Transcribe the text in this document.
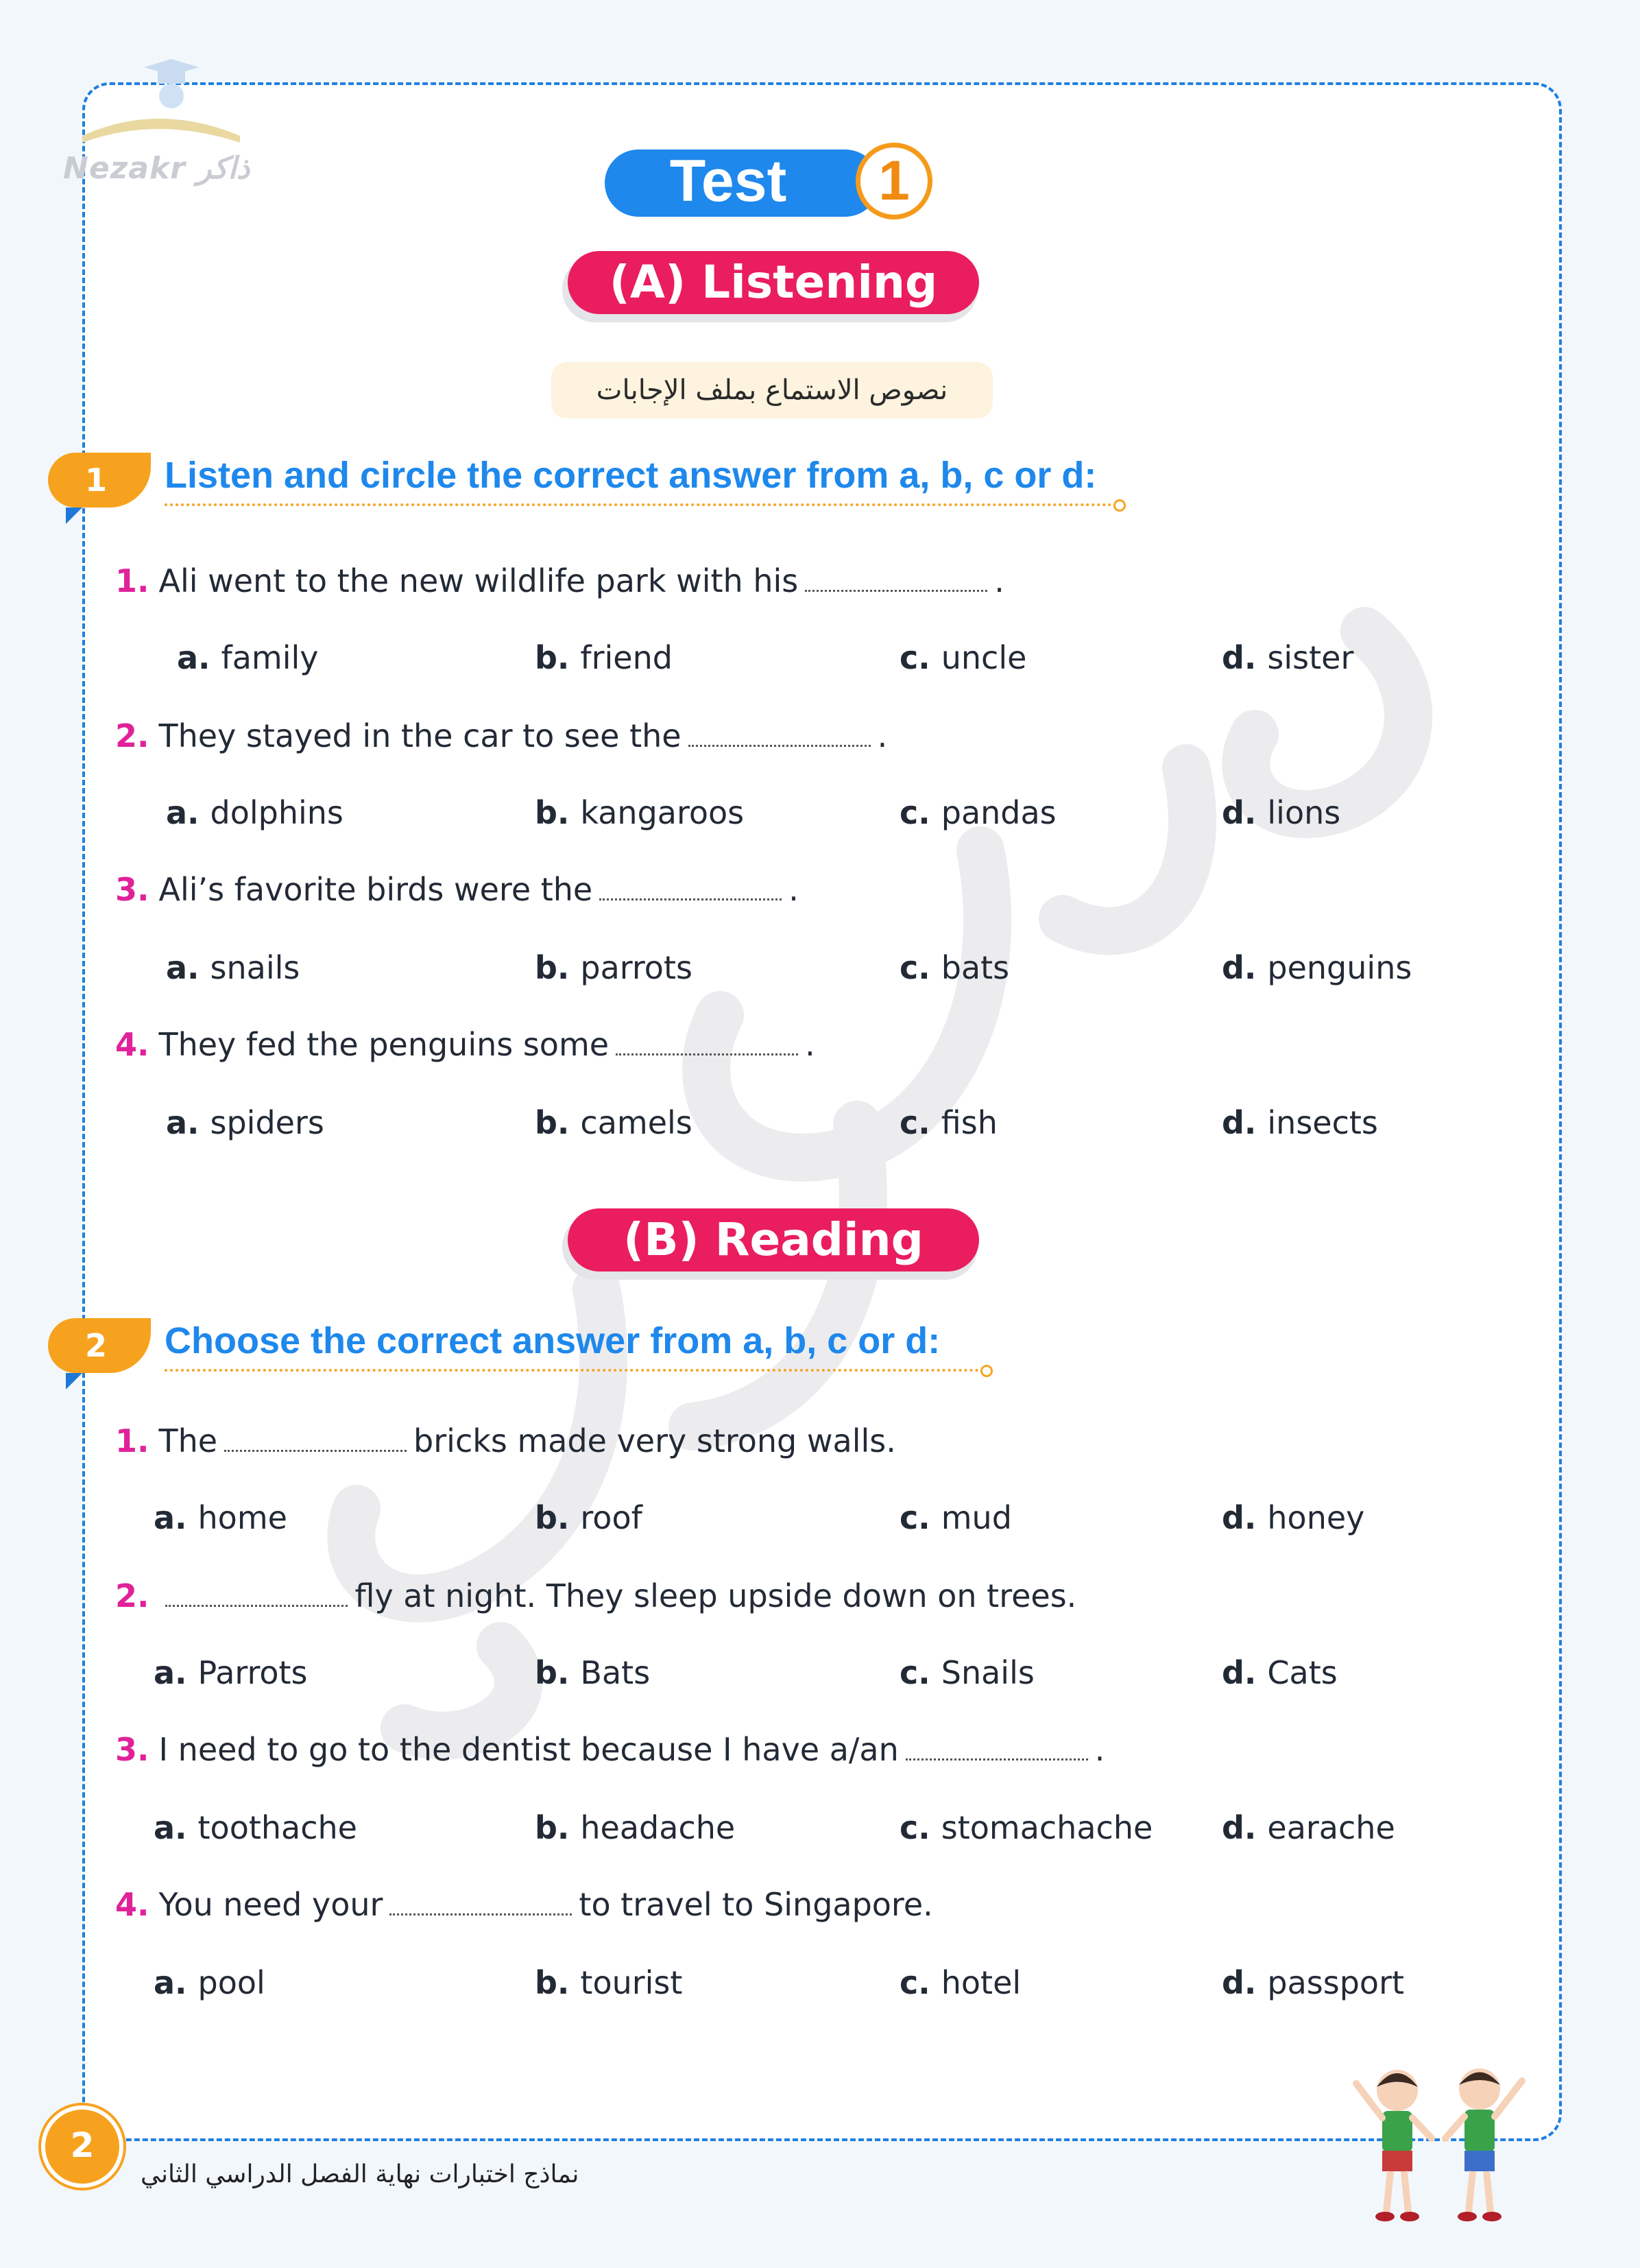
Nezakr ذاكر	Test	1
(A) Listening
نصوص الاستماع بملف الإجابات
1	Listen and circle the correct answer from a, b, c or d:
1. Ali went to the new wildlife park with his	.
a. family	b. friend	c. uncle	d. sister
2. They stayed in the car to see the	.
a. dolphins	b. kangaroos	c. pandas	d. lions
3. Ali’s favorite birds were the	.
a. snails	b. parrots	c. bats	d. penguins
4. They fed the penguins some	.
a. spiders	b. camels	c. fish	d. insects
(B) Reading
2	Choose the correct answer from a, b, c or d:
1. The	bricks made very strong walls.
a. home	b. roof	c. mud	d. honey
2.	fly at night. They sleep upside down on trees.
a. Parrots	b. Bats	c. Snails	d. Cats
3. I need to go to the dentist because I have a/an	.
a. toothache	b. headache	c. stomachache d. earache
4. You need your	to travel to Singapore.
a. pool	b. tourist	c. hotel	d. passport
2
نماذج اختبارات نهاية الفصل الدراسي الثاني
